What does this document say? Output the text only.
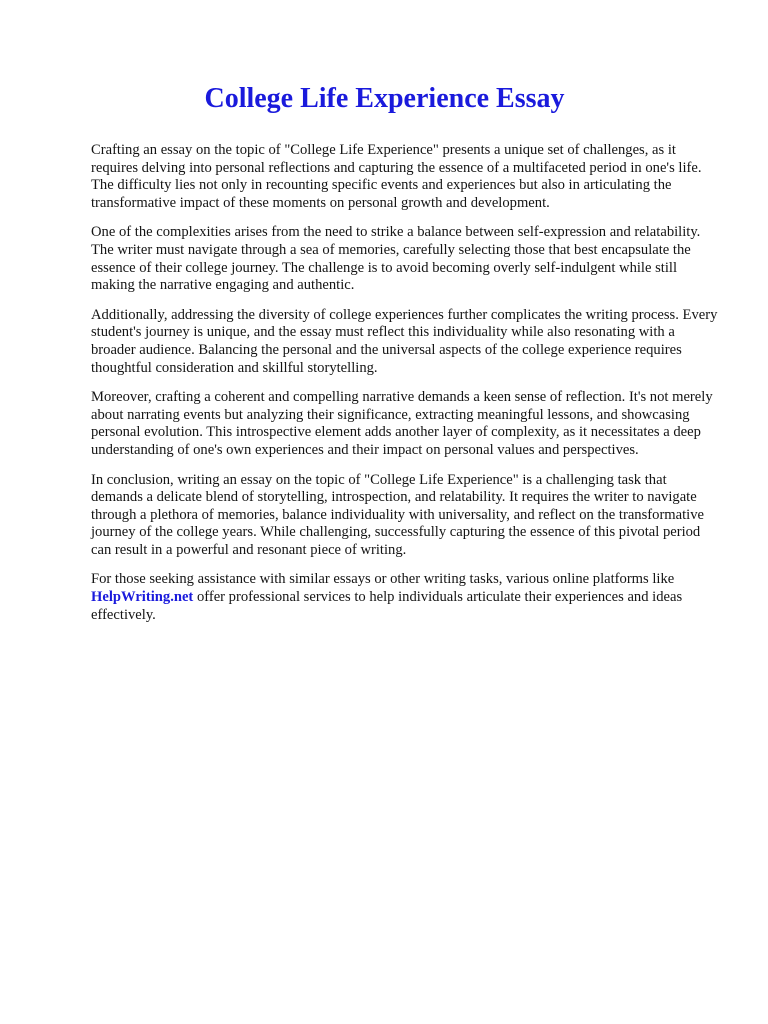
College Life Experience Essay

Crafting an essay on the topic of "College Life Experience" presents a unique set of challenges, as it requires delving into personal reflections and capturing the essence of a multifaceted period in one's life. The difficulty lies not only in recounting specific events and experiences but also in articulating the transformative impact of these moments on personal growth and development.

One of the complexities arises from the need to strike a balance between self-expression and relatability. The writer must navigate through a sea of memories, carefully selecting those that best encapsulate the essence of their college journey. The challenge is to avoid becoming overly self-indulgent while still making the narrative engaging and authentic.

Additionally, addressing the diversity of college experiences further complicates the writing process. Every student's journey is unique, and the essay must reflect this individuality while also resonating with a broader audience. Balancing the personal and the universal aspects of the college experience requires thoughtful consideration and skillful storytelling.

Moreover, crafting a coherent and compelling narrative demands a keen sense of reflection. It's not merely about narrating events but analyzing their significance, extracting meaningful lessons, and showcasing personal evolution. This introspective element adds another layer of complexity, as it necessitates a deep understanding of one's own experiences and their impact on personal values and perspectives.

In conclusion, writing an essay on the topic of "College Life Experience" is a challenging task that demands a delicate blend of storytelling, introspection, and relatability. It requires the writer to navigate through a plethora of memories, balance individuality with universality, and reflect on the transformative journey of the college years. While challenging, successfully capturing the essence of this pivotal period can result in a powerful and resonant piece of writing.

For those seeking assistance with similar essays or other writing tasks, various online platforms like HelpWriting.net offer professional services to help individuals articulate their experiences and ideas effectively.
